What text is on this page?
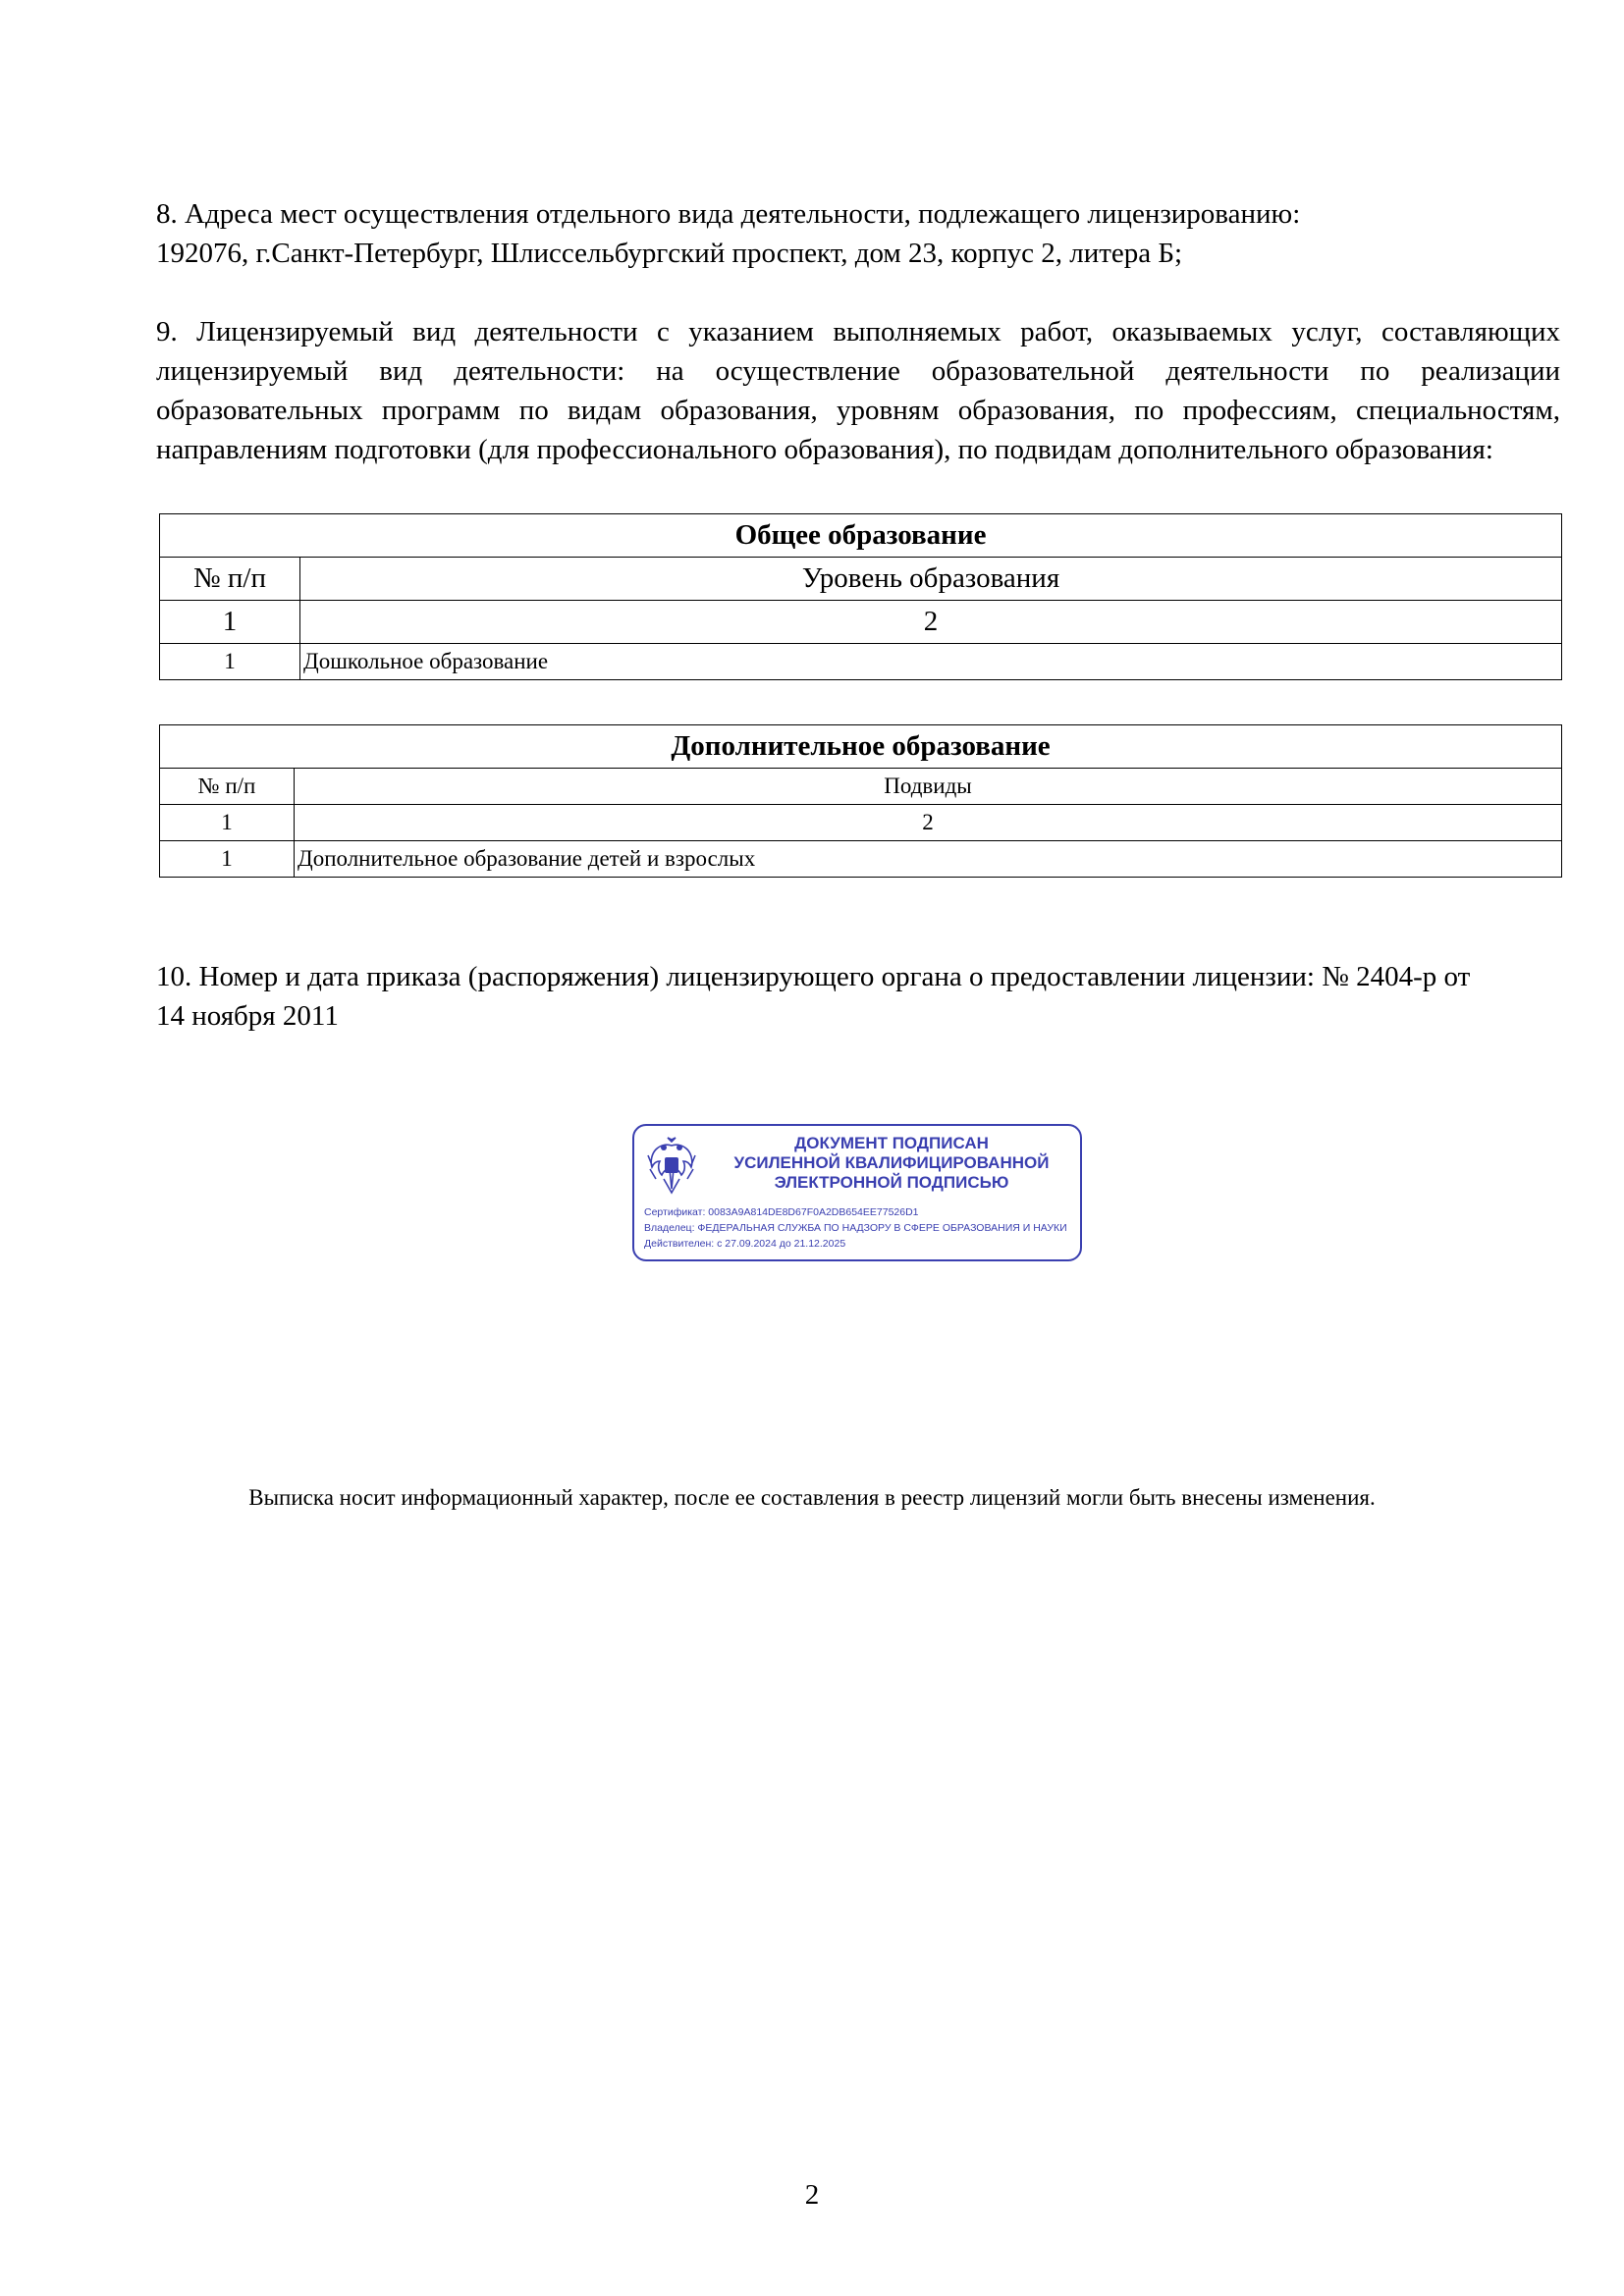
8. Адреса мест осуществления отдельного вида деятельности, подлежащего лицензированию:
192076, г.Санкт-Петербург, Шлиссельбургский проспект, дом 23, корпус 2, литера Б;
9. Лицензируемый вид деятельности с указанием выполняемых работ, оказываемых услуг, составляющих лицензируемый вид деятельности: на осуществление образовательной деятельности по реализации образовательных программ по видам образования, уровням образования, по профессиям, специальностям, направлениям подготовки (для профессионального образования), по подвидам дополнительного образования:
Общее образование	
№ п/п	Уровень образования
1	2
1	Дошкольное образование
Дополнительное образование	
№ п/п	Подвиды
1	2
1	Дополнительное образование детей и взрослых
10. Номер и дата приказа (распоряжения) лицензирующего органа о предоставлении лицензии: № 2404-р от
14 ноября 2011
ДОКУМЕНТ ПОДПИСАН
УСИЛЕННОЙ КВАЛИФИЦИРОВАННОЙ
ЭЛЕКТРОННОЙ ПОДПИСЬЮ
Сертификат: 0083A9A814DE8D67F0A2DB654EE77526D1
Владелец: ФЕДЕРАЛЬНАЯ СЛУЖБА ПО НАДЗОРУ В СФЕРЕ ОБРАЗОВАНИЯ И НАУКИ
Действителен: с 27.09.2024 до 21.12.2025
Выписка носит информационный характер, после ее составления в реестр лицензий могли быть внесены изменения.
2
